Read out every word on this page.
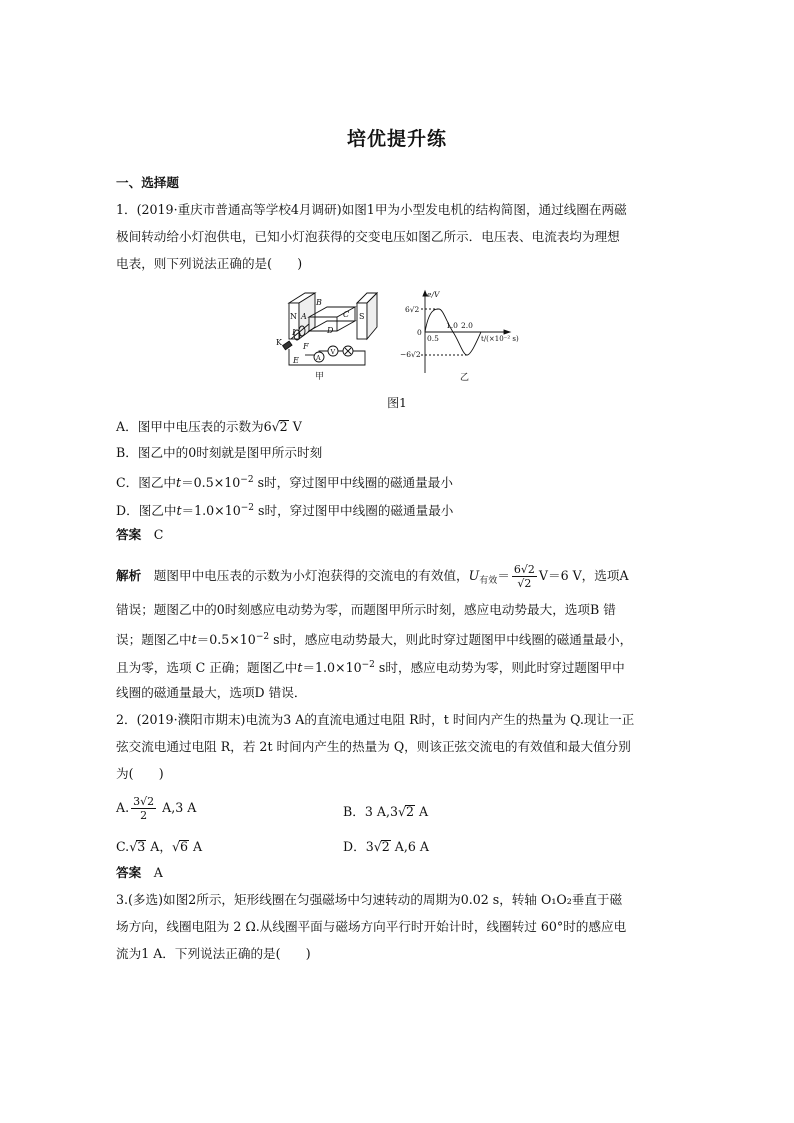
培优提升练
一、选择题
1．(2019·重庆市普通高等学校4月调研)如图1甲为小型发电机的结构简图，通过线圈在两磁
极间转动给小灯泡供电，已知小灯泡获得的交变电压如图乙所示．电压表、电流表均为理想
电表，则下列说法正确的是(　　)
N	S
A
B
C
D
K
E
F
L
A
V
甲
e/V
6√2
0
−6√2
0.5
1.0 2.0
t/(×10⁻² s)
乙
图1
A．图甲中电压表的示数为6√2 V
B．图乙中的0时刻就是图甲所示时刻
C．图乙中$t=0.5\times 10^{-2}$ s时，穿过图甲中线圈的磁通量最小
D．图乙中$t=1.0\times 10^{-2}$ s时，穿过图甲中线圈的磁通量最小
答案　 C
解析　 题图甲中电压表的示数为小灯泡获得的交流电的有效值，$U_{有效}= \frac{6√2}{√2} V=6$ V，选项A
错误；题图乙中的0时刻感应电动势为零，而题图甲所示时刻，感应电动势最大，选项B 错
误；题图乙中$t=0.5\times 10^{-2}$ s时，感应电动势最大，则此时穿过题图甲中线圈的磁通量最小，
且为零，选项 C 正确；题图乙中$t=1.0\times 10^{-2}$ s时，感应电动势为零，则此时穿过题图甲中
线圈的磁通量最大，选项D 错误．
2．(2019·濮阳市期末)电流为3 A的直流电通过电阻 R时，t 时间内产生的热量为 Q.现让一正
弦交流电通过电阻 R，若 2t 时间内产生的热量为 Q，则该正弦交流电的有效值和最大值分别
为(　　)
A. $\frac{3√2}{2} A,3$ A	B．3 A,3√2 A
C.√3 A，√6 A	D．3√2 A,6 A
答案　 A
3.(多选)如图2所示，矩形线圈在匀强磁场中匀速转动的周期为0.02 s，转轴 O₁O₂垂直于磁
场方向，线圈电阻为 2 Ω.从线圈平面与磁场方向平行时开始计时，线圈转过 60°时的感应电
流为1 A．下列说法正确的是(　　)
